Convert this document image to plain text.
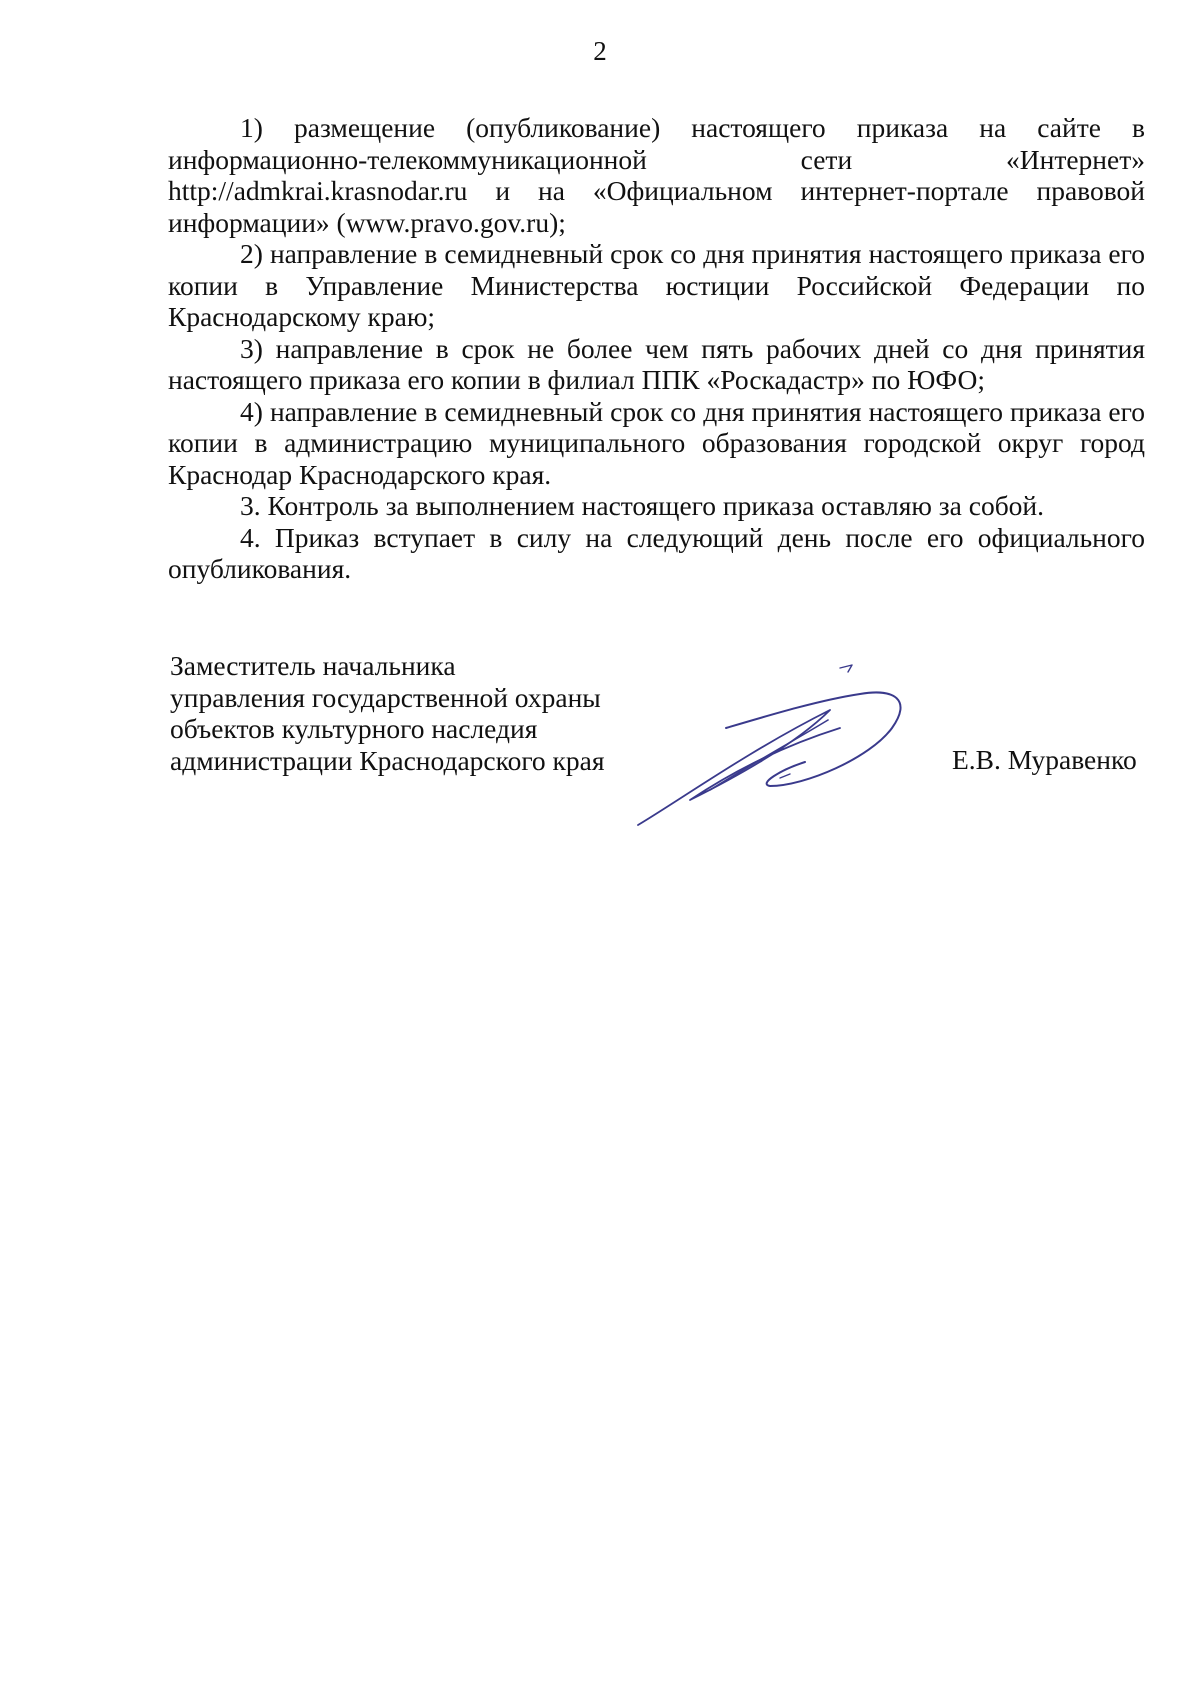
2

1) размещение (опубликование) настоящего приказа на сайте в информационно-телекоммуникационной сети «Интернет» http://admkrai.krasnodar.ru и на «Официальном интернет-портале правовой информации» (www.pravo.gov.ru);

2) направление в семидневный срок со дня принятия настоящего приказа его копии в Управление Министерства юстиции Российской Федерации по Краснодарскому краю;

3) направление в срок не более чем пять рабочих дней со дня принятия настоящего приказа его копии в филиал ППК «Роскадастр» по ЮФО;

4) направление в семидневный срок со дня принятия настоящего приказа его копии в администрацию муниципального образования городской округ город Краснодар Краснодарского края.

3. Контроль за выполнением настоящего приказа оставляю за собой.

4. Приказ вступает в силу на следующий день после его официального опубликования.

Заместитель начальника
управления государственной охраны
объектов культурного наследия
администрации Краснодарского края	Е.В. Муравенко
